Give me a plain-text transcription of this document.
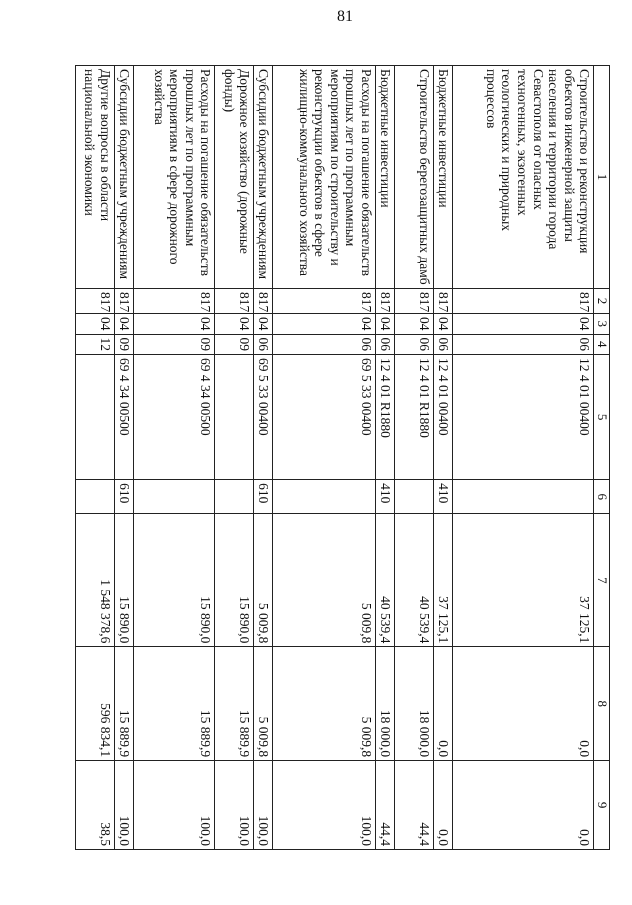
81
1	2	3	4	5	6	7	8	9
Строительство и реконструкция объектов инженерной защиты населения и территории города Севастополя от опасных техногенных, экзогенных геологических и природных процессов	817	04	06	12 4 01 00400		37 125,1	0,0	0,0
Бюджетные инвестиции	817	04	06	12 4 01 00400	410	37 125,1	0,0	0,0
Строительство берегозащитных дамб	817	04	06	12 4 01 R1880		40 539,4	18 000,0	44,4
Бюджетные инвестиции	817	04	06	12 4 01 R1880	410	40 539,4	18 000,0	44,4
Расходы на погашение обязательств прошлых лет по программным мероприятиям по строительству и реконструкции объектов в сфере жилищно-коммунального хозяйства	817	04	06	69 5 33 00400		5 009,8	5 009,8	100,0
Субсидии бюджетным учреждениям	817	04	06	69 5 33 00400	610	5 009,8	5 009,8	100,0
Дорожное хозяйство (дорожные фонды)	817	04	09			15 890,0	15 889,9	100,0
Расходы на погашение обязательств прошлых лет по программным мероприятиям в сфере дорожного хозяйства	817	04	09	69 4 34 00500		15 890,0	15 889,9	100,0
Субсидии бюджетным учреждениям	817	04	09	69 4 34 00500	610	15 890,0	15 889,9	100,0
Другие вопросы в области национальной экономики	817	04	12			1 548 378,6	596 834,1	38,5
